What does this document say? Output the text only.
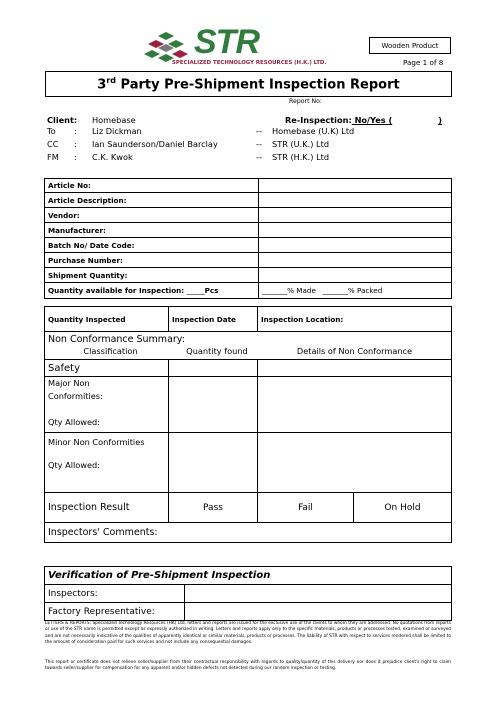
Wooden Product
Page 1 of 8
STR
SPECIALIZED TECHNOLOGY RESOURCES (H.K.) LTD.
3rd Party Pre-Shipment Inspection Report
Report No:
Client: Homebase	Re-Inspection: No/Yes (	)
To : Liz Dickman	-- Homebase (U.K) Ltd
CC : Ian Saunderson/Daniel Barclay	-- STR (U.K.) Ltd
FM : C.K. Kwok	-- STR (H.K.) Ltd
Article No:	
Article Description:	
Vendor:	
Manufacturer:	
Batch No/ Date Code:	
Purchase Number:	
Shipment Quantity:	
Quantity available for Inspection: _____Pcs	_______% Made _______% Packed
Quantity Inspected	Inspection Date	Inspection Location:	

Non Conformance Summary:
Classification Quantity found Details of Non Conformance			

Safety			

Major Non
Conformities:
Qty Allowed:			

Minor Non Conformities
Qty Allowed:			

Inspection Result	Pass	Fail	On Hold
Inspectors' Comments:			
Verification of Pre-Shipment Inspection	
Inspectors:	
Factory Representative:	
LETTERS & REPORTS: Specialized Technology Resources (HK) Ltd. letters and reports are issued for the exclusive use of the clients to whom they are addressed. No quotations from reports or use of the STR name is permitted except as expressly authorized in writing. Letters and reports apply only to the specific materials, products or processes tested, examined or surveyed and are not necessarily indicative of the qualities of apparently identical or similar materials, products or processes. The liability of STR with respect to services rendered shall be limited to the amount of consideration paid for such services and not include any consequential damages.
This report or certificate does not relieve seller/supplier from their contractual responsibility with regards to quality/quantity of this delivery nor does it prejudice client's right to claim towards seller/supplier for compensation for any apparent and/or hidden defects not detected during our random inspection or testing.
